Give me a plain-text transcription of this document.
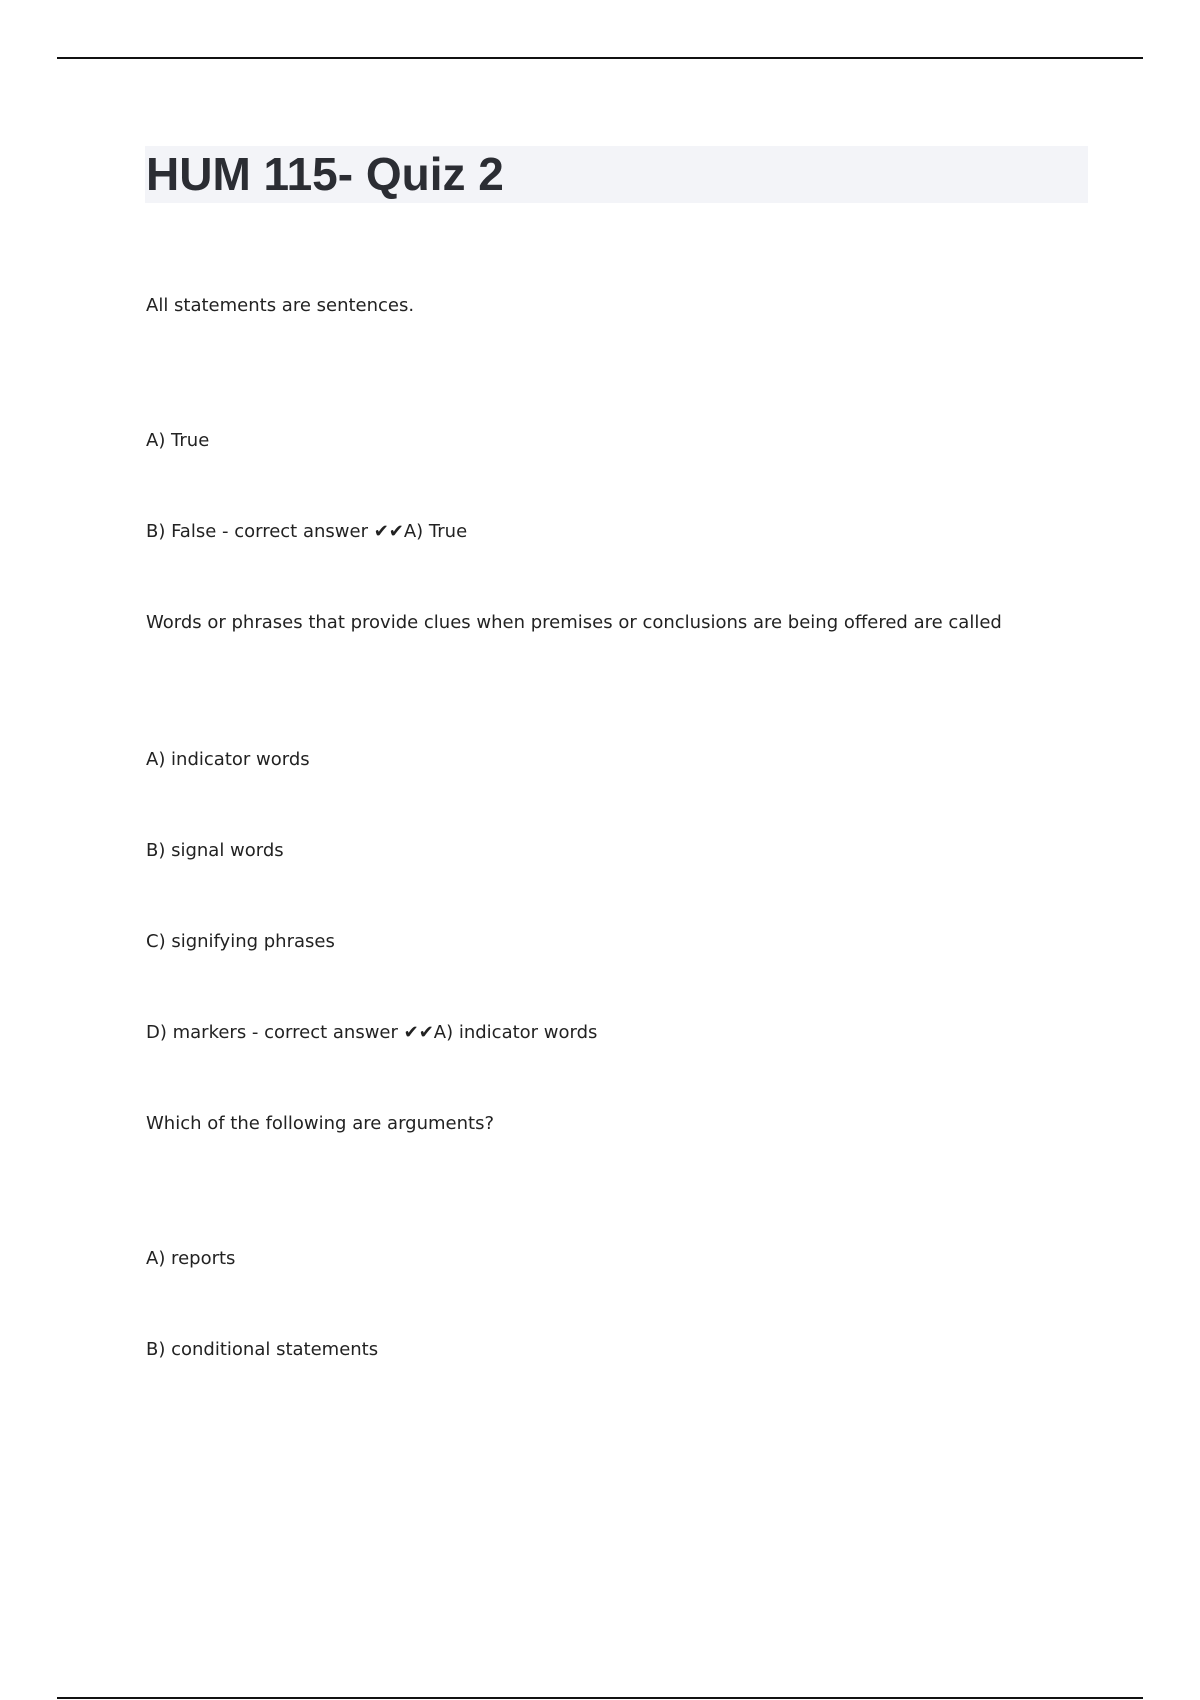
HUM 115- Quiz 2

All statements are sentences.

A) True

B) False - correct answer ✔✔A) True

Words or phrases that provide clues when premises or conclusions are being offered are called

A) indicator words

B) signal words

C) signifying phrases

D) markers - correct answer ✔✔A) indicator words

Which of the following are arguments?

A) reports

B) conditional statements
